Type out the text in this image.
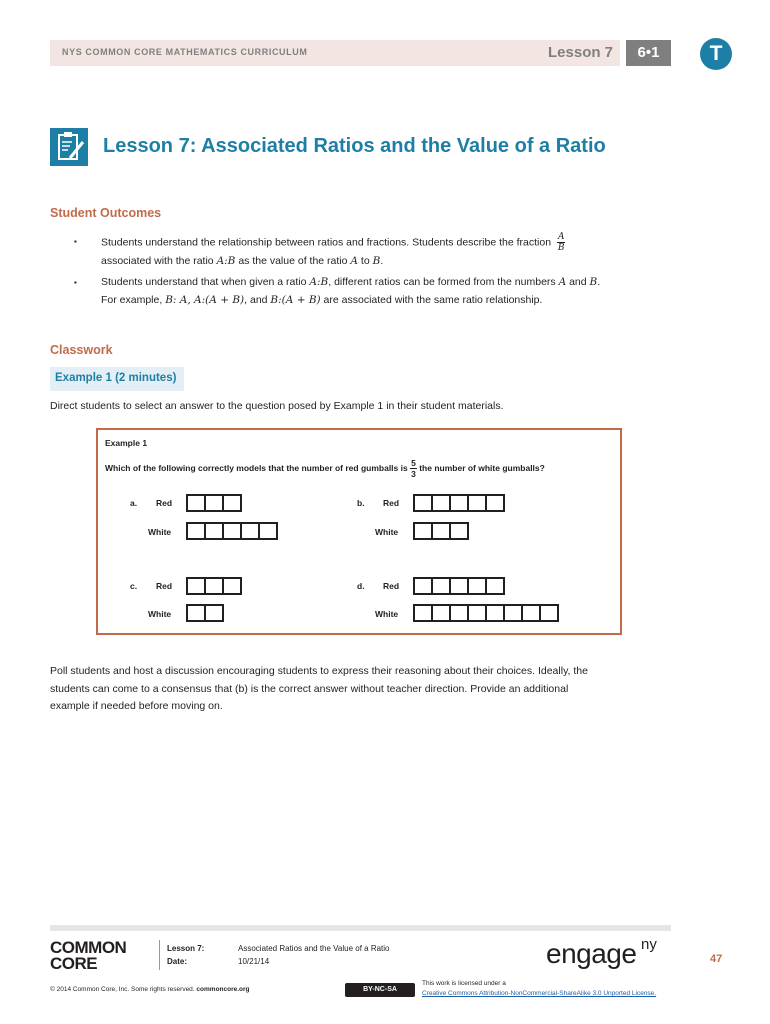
NYS COMMON CORE MATHEMATICS CURRICULUM	Lesson 7	6•1	T
Lesson 7: Associated Ratios and the Value of a Ratio
Student Outcomes
▪ Students understand the relationship between ratios and fractions. Students describe the fraction $\frac{A}{B}$

associated with the ratio A:B as the value of the ratio A to B.
▪ Students understand that when given a ratio A:B, different ratios can be formed from the numbers A and B.
For example, B: A, A:(A + B), and B:(A + B) are associated with the same ratio relationship.
Classwork
Example 1 (2 minutes)
Direct students to select an answer to the question posed by Example 1 in their student materials.
Example 1
Which of the following correctly models that the number of red gumballs is $\frac{5}{3}$ the number of white gumballs?
a. Red
White
b. Red
White
c. Red
White
d. Red
White
Poll students and host a discussion encouraging students to express their reasoning about their choices. Ideally, the
students can come to a consensus that (b) is the correct answer without teacher direction. Provide an additional
example if needed before moving on.
COMMON
CORE
Lesson 7:	Associated Ratios and the Value of a Ratio
Date:	10/21/14	engage ny
47
© 2014 Common Core, Inc. Some rights reserved. commoncore.org	BY-NC-SA
This work is licensed under a
Creative Commons Attribution-NonCommercial-ShareAlike 3.0 Unported License.
